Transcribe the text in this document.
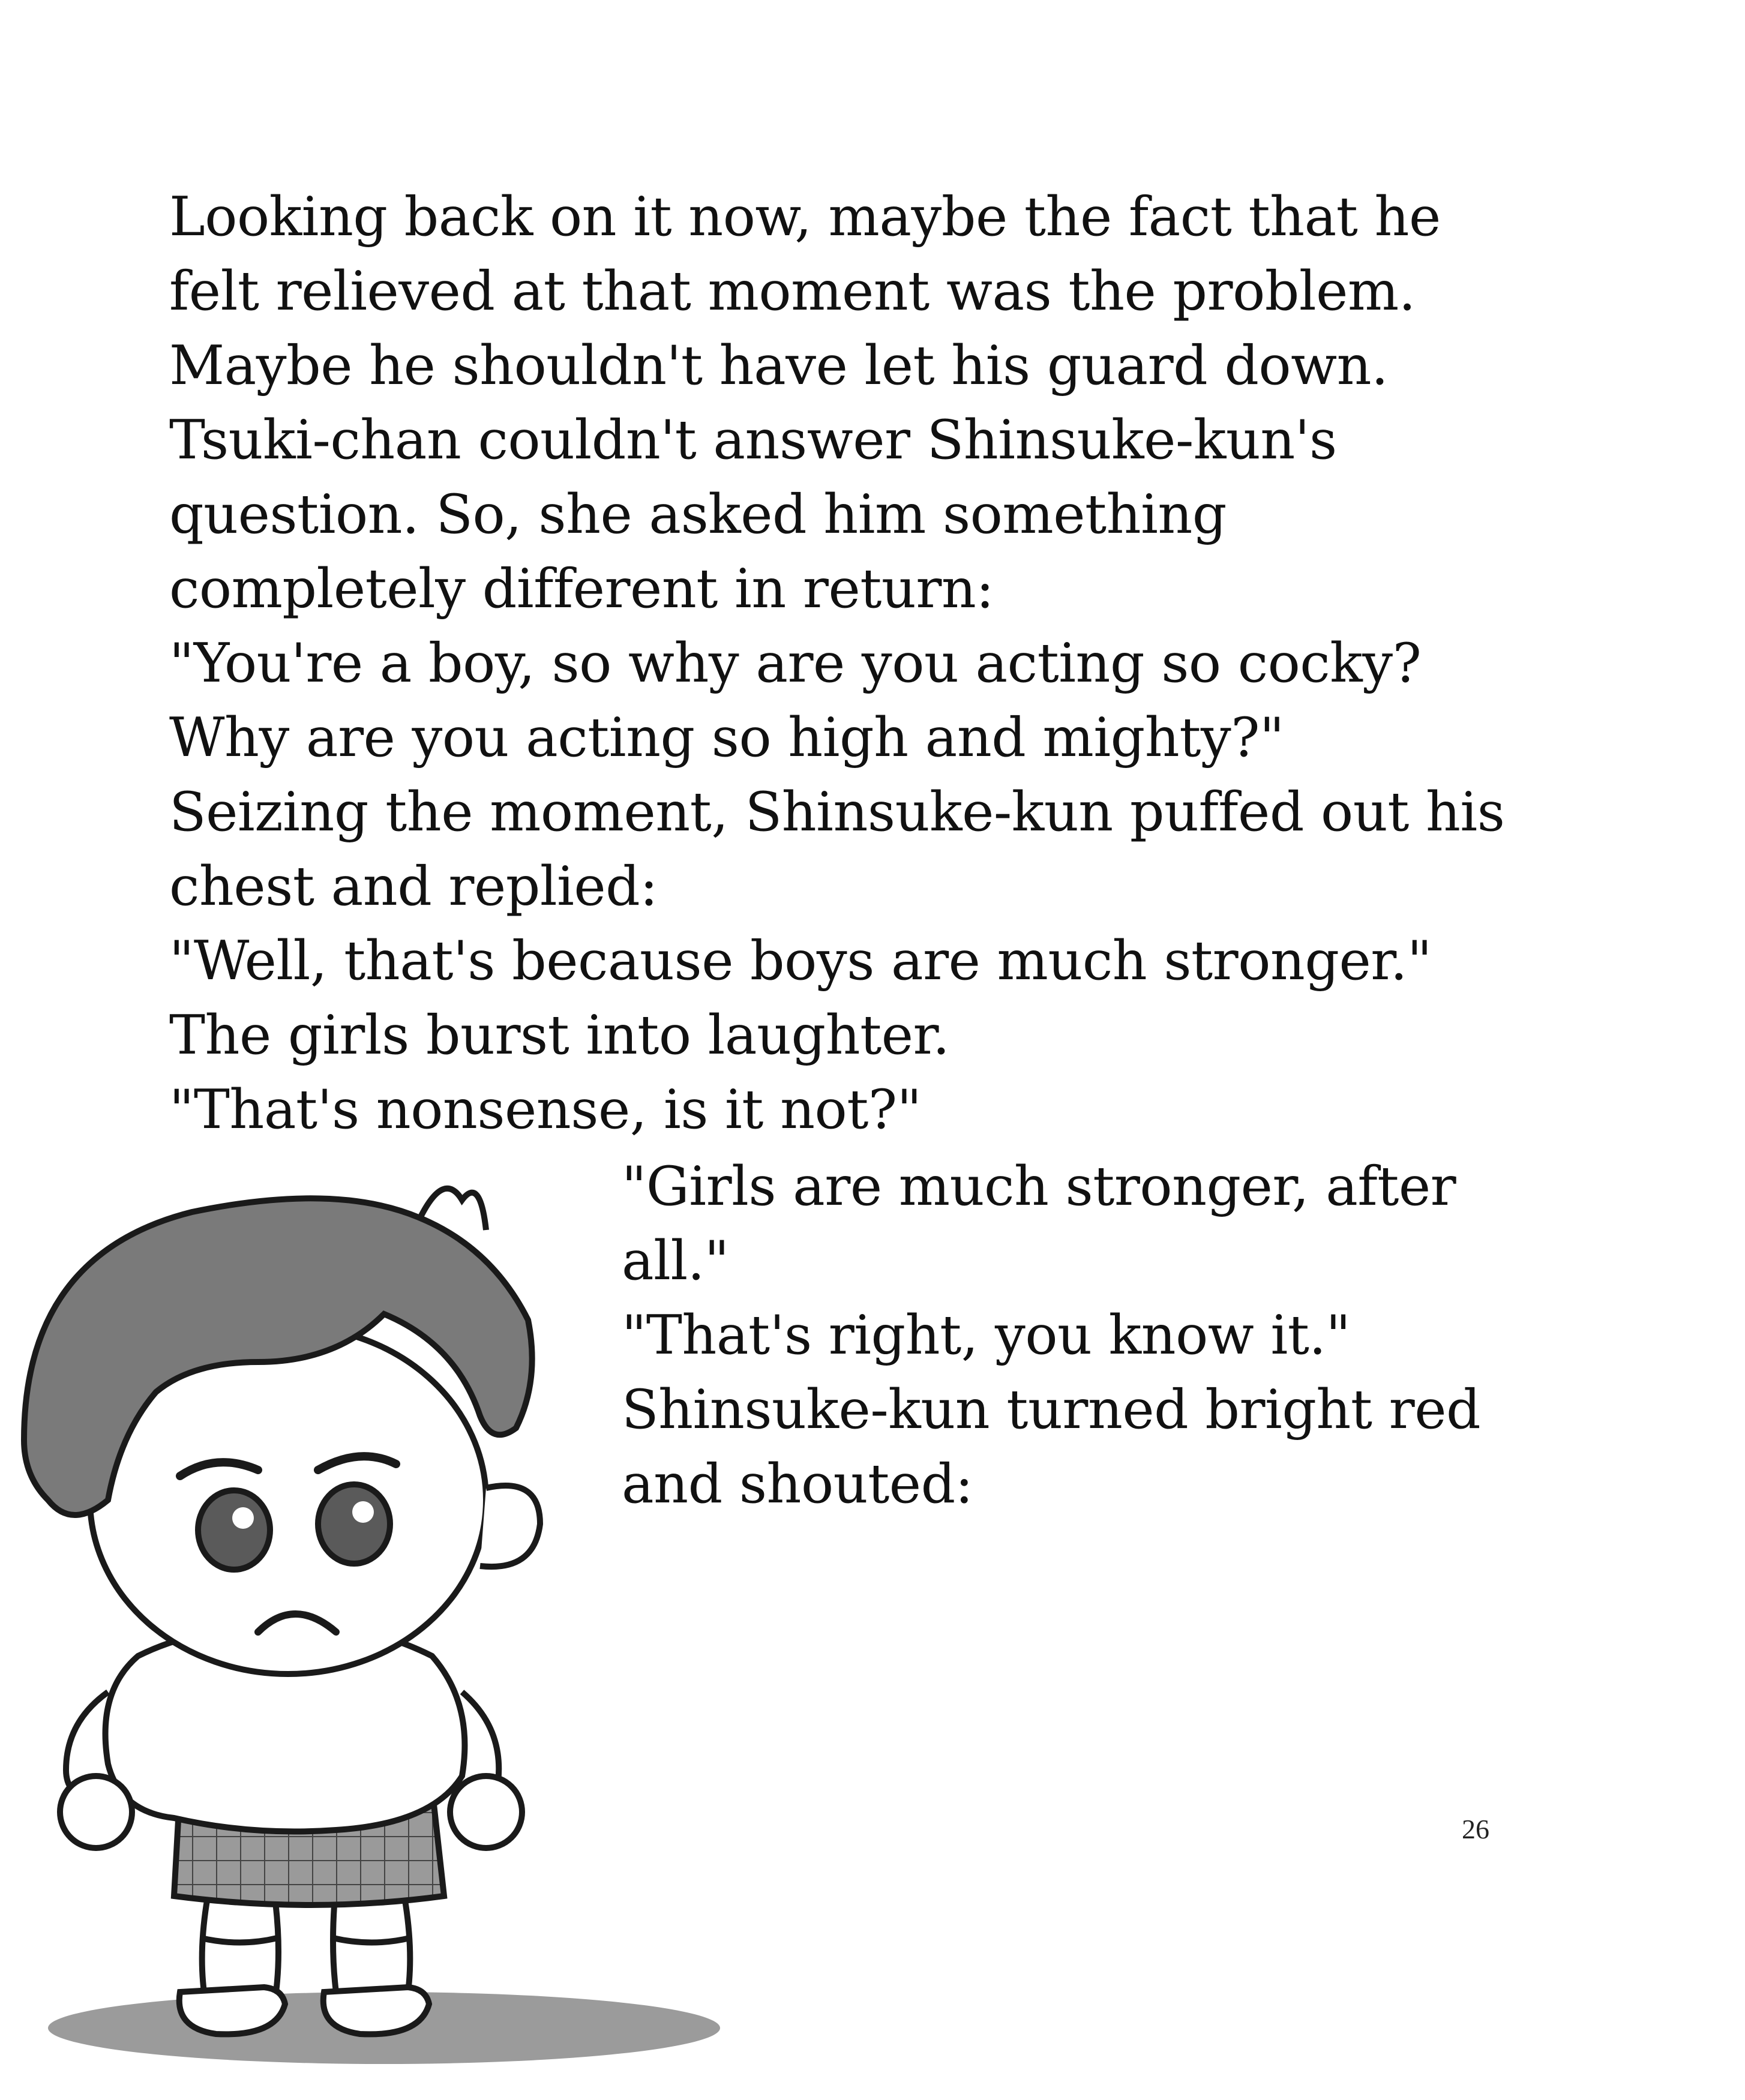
Looking back on it now, maybe the fact that he
felt relieved at that moment was the problem.
Maybe he shouldn't have let his guard down.
Tsuki-chan couldn't answer Shinsuke-kun's
question. So, she asked him something
completely different in return:
"You're a boy, so why are you acting so cocky?
Why are you acting so high and mighty?"
Seizing the moment, Shinsuke-kun puffed out his
chest and replied:
"Well, that's because boys are much stronger."
The girls burst into laughter.
"That's nonsense, is it not?"
"Girls are much stronger, after
all."
"That's right, you know it."
Shinsuke-kun turned bright red
and shouted:
26
